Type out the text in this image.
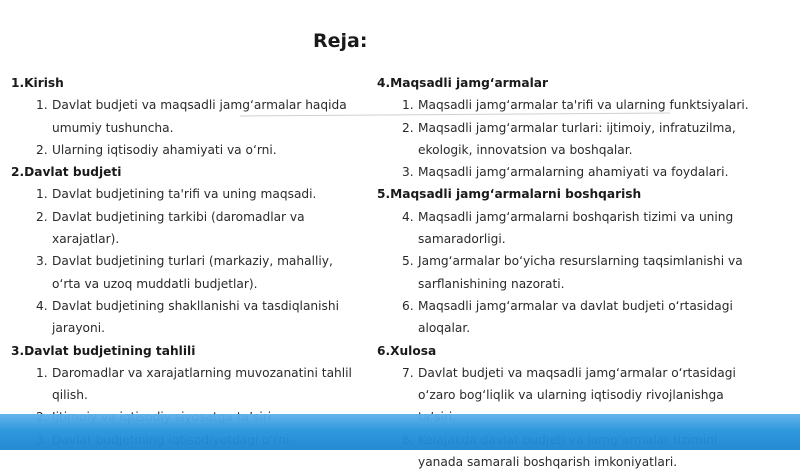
Reja:
1.Kirish
1. Davlat budjeti va maqsadli jamg‘armalar haqida umumiy tushuncha.
2. Ularning iqtisodiy ahamiyati va o‘rni.
2.Davlat budjeti
1. Davlat budjetining ta'rifi va uning maqsadi.
2. Davlat budjetining tarkibi (daromadlar va xarajatlar).
3. Davlat budjetining turlari (markaziy, mahalliy, o‘rta va uzoq muddatli budjetlar).
4. Davlat budjetining shakllanishi va tasdiqlanishi jarayoni.
3.Davlat budjetining tahlili
1. Daromadlar va xarajatlarning muvozanatini tahlil qilish.
4.Maqsadli jamg‘armalar
1. Maqsadli jamg‘armalar ta'rifi va ularning funktsiyalari.
2. Maqsadli jamg‘armalar turlari: ijtimoiy, infratuzilma, ekologik, innovatsion va boshqalar.
3. Maqsadli jamg‘armalarning ahamiyati va foydalari.
5.Maqsadli jamg‘armalarni boshqarish
4. Maqsadli jamg‘armalarni boshqarish tizimi va uning samaradorligi.
5. Jamg‘armalar bo‘yicha resurslarning taqsimlanishi va sarflanishining nazorati.
6. Maqsadli jamg‘armalar va davlat budjeti o‘rtasidagi aloqalar.
6.Xulosa
7. Davlat budjeti va maqsadli jamg‘armalar o‘rtasidagi o‘zaro bog‘liqlik va ularning iqtisodiy rivojlanishga
yanada samarali boshqarish imkoniyatlari.
